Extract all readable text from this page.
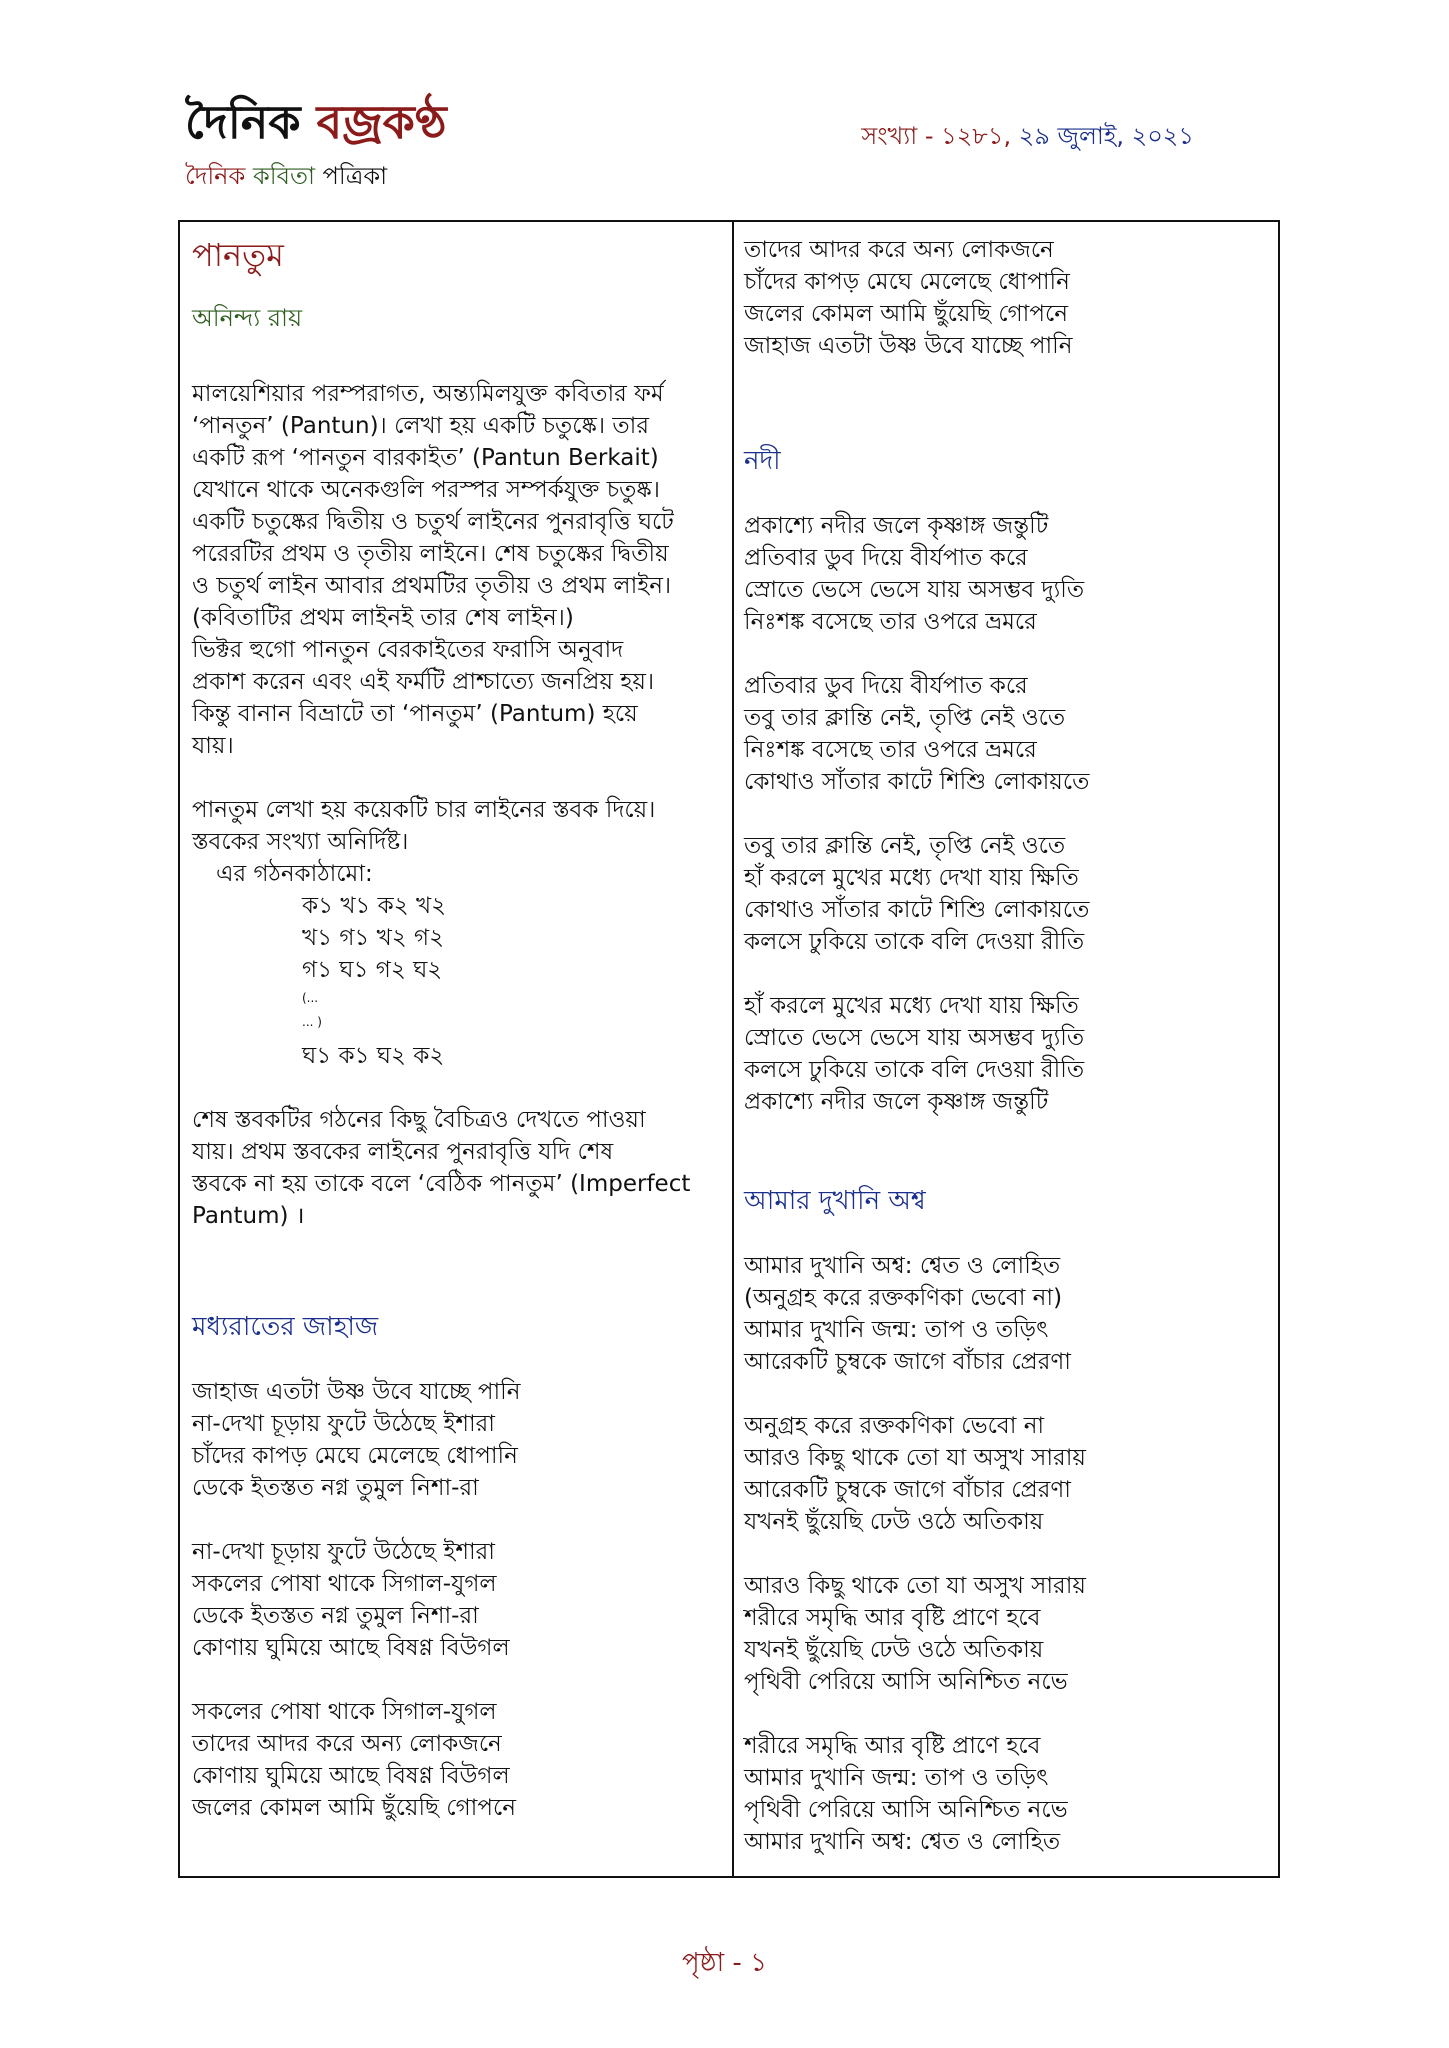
দৈনিক বজ্রকণ্ঠ
দৈনিক কবিতা পত্রিকা
সংখ্যা - ১২৮১, ২৯ জুলাই, ২০২১
পানতুম
অনিন্দ্য রায়
মালয়েশিয়ার পরম্পরাগত, অন্ত্যমিলযুক্ত কবিতার ফর্ম
‘পানতুন’ (Pantun)। লেখা হয় একটি চতুষ্কে। তার
একটি রূপ ‘পানতুন বারকাইত’ (Pantun Berkait)
যেখানে থাকে অনেকগুলি পরস্পর সম্পর্কযুক্ত চতুষ্ক।
একটি চতুষ্কের দ্বিতীয় ও চতুর্থ লাইনের পুনরাবৃত্তি ঘটে
পরেরটির প্রথম ও তৃতীয় লাইনে। শেষ চতুষ্কের দ্বিতীয়
ও চতুর্থ লাইন আবার প্রথমটির তৃতীয় ও প্রথম লাইন।
(কবিতাটির প্রথম লাইনই তার শেষ লাইন।)
ভিক্টর হুগো পানতুন বেরকাইতের ফরাসি অনুবাদ
প্রকাশ করেন এবং এই ফর্মটি প্রাশ্চাত্যে জনপ্রিয় হয়।
কিন্তু বানান বিভ্রাটে তা ‘পানতুম’ (Pantum) হয়ে
যায়।
পানতুম লেখা হয় কয়েকটি চার লাইনের স্তবক দিয়ে।
স্তবকের সংখ্যা অনির্দিষ্ট।
এর গঠনকাঠামো:
ক১ খ১ ক২ খ২
খ১ গ১ খ২ গ২
গ১ ঘ১ গ২ ঘ২
(...
... )
ঘ১ ক১ ঘ২ ক২
শেষ স্তবকটির গঠনের কিছু বৈচিত্রও দেখতে পাওয়া
যায়। প্রথম স্তবকের লাইনের পুনরাবৃত্তি যদি শেষ
স্তবকে না হয় তাকে বলে ‘বেঠিক পানতুম’ (Imperfect
Pantum) ।
মধ্যরাতের জাহাজ
জাহাজ এতটা উষ্ণ উবে যাচ্ছে পানি
না-দেখা চূড়ায় ফুটে উঠেছে ইশারা
চাঁদের কাপড় মেঘে মেলেছে ধোপানি
ডেকে ইতস্তত নগ্ন তুমুল নিশা-রা
না-দেখা চূড়ায় ফুটে উঠেছে ইশারা
সকলের পোষা থাকে সিগাল-যুগল
ডেকে ইতস্তত নগ্ন তুমুল নিশা-রা
কোণায় ঘুমিয়ে আছে বিষণ্ণ বিউগল
সকলের পোষা থাকে সিগাল-যুগল
তাদের আদর করে অন্য লোকজনে
কোণায় ঘুমিয়ে আছে বিষণ্ণ বিউগল
জলের কোমল আমি ছুঁয়েছি গোপনে
তাদের আদর করে অন্য লোকজনে
চাঁদের কাপড় মেঘে মেলেছে ধোপানি
জলের কোমল আমি ছুঁয়েছি গোপনে
জাহাজ এতটা উষ্ণ উবে যাচ্ছে পানি
নদী
প্রকাশ্যে নদীর জলে কৃষ্ণাঙ্গ জন্তুটি
প্রতিবার ডুব দিয়ে বীর্যপাত করে
স্রোতে ভেসে ভেসে যায় অসম্ভব দ্যুতি
নিঃশঙ্ক বসেছে তার ওপরে ভ্রমরে
প্রতিবার ডুব দিয়ে বীর্যপাত করে
তবু তার ক্লান্তি নেই, তৃপ্তি নেই ওতে
নিঃশঙ্ক বসেছে তার ওপরে ভ্রমরে
কোথাও সাঁতার কাটে শিশুি লোকায়তে
তবু তার ক্লান্তি নেই, তৃপ্তি নেই ওতে
হাঁ করলে মুখের মধ্যে দেখা যায় ক্ষিতি
কোথাও সাঁতার কাটে শিশুি লোকায়তে
কলসে ঢুকিয়ে তাকে বলি দেওয়া রীতি
হাঁ করলে মুখের মধ্যে দেখা যায় ক্ষিতি
স্রোতে ভেসে ভেসে যায় অসম্ভব দ্যুতি
কলসে ঢুকিয়ে তাকে বলি দেওয়া রীতি
প্রকাশ্যে নদীর জলে কৃষ্ণাঙ্গ জন্তুটি
আমার দুখানি অশ্ব
আমার দুখানি অশ্ব: শ্বেত ও লোহিত
(অনুগ্রহ করে রক্তকণিকা ভেবো না)
আমার দুখানি জন্ম: তাপ ও তড়িৎ
আরেকটি চুম্বকে জাগে বাঁচার প্রেরণা
অনুগ্রহ করে রক্তকণিকা ভেবো না
আরও কিছু থাকে তো যা অসুখ সারায়
আরেকটি চুম্বকে জাগে বাঁচার প্রেরণা
যখনই ছুঁয়েছি ঢেউ ওঠে অতিকায়
আরও কিছু থাকে তো যা অসুখ সারায়
শরীরে সমৃদ্ধি আর বৃষ্টি প্রাণে হবে
যখনই ছুঁয়েছি ঢেউ ওঠে অতিকায়
পৃথিবী পেরিয়ে আসি অনিশ্চিত নভে
শরীরে সমৃদ্ধি আর বৃষ্টি প্রাণে হবে
আমার দুখানি জন্ম: তাপ ও তড়িৎ
পৃথিবী পেরিয়ে আসি অনিশ্চিত নভে
আমার দুখানি অশ্ব: শ্বেত ও লোহিত
পৃষ্ঠা - ১
